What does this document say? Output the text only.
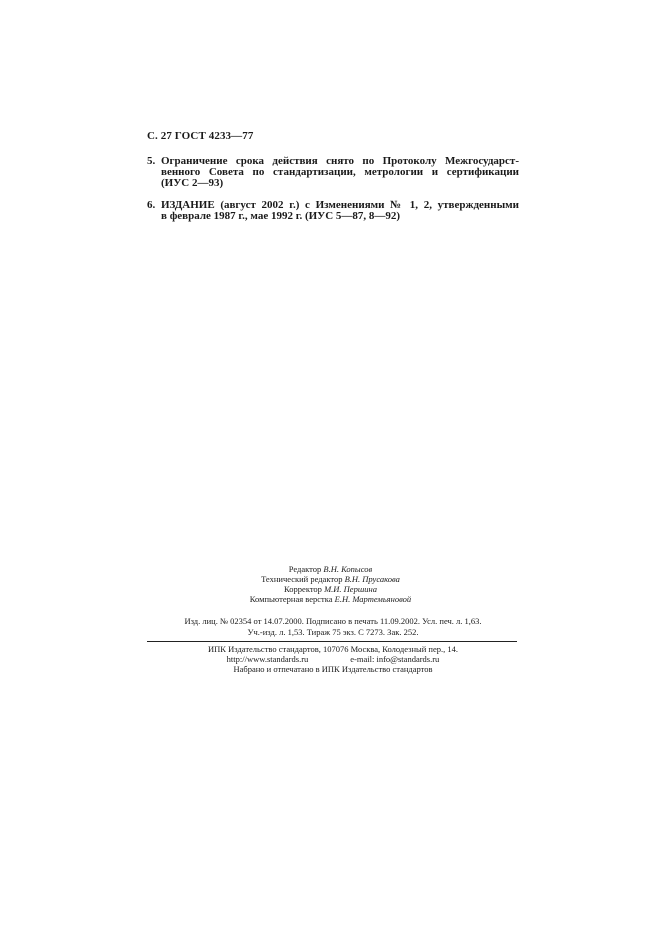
С. 27 ГОСТ 4233—77
5. Ограничение срока действия снято по Протоколу Межгосударст-
венного Совета по стандартизации, метрологии и сертификации
(ИУС 2—93)
6. ИЗДАНИЕ (август 2002 г.) с Изменениями № 1, 2, утвержденными
в феврале 1987 г., мае 1992 г. (ИУС 5—87, 8—92)
Редактор В.Н. Копысов
Технический редактор В.Н. Прусакова
Корректор М.И. Першина
Компьютерная верстка Е.Н. Мартемьяновой
Изд. лиц. № 02354 от 14.07.2000. Подписано в печать 11.09.2002. Усл. печ. л. 1,63.
Уч.-изд. л. 1,53. Тираж 75 экз. С 7273. Зак. 252.
ИПК Издательство стандартов, 107076 Москва, Колодезный пер., 14.
http://www.standards.ru	e-mail: info@standards.ru
Набрано и отпечатано в ИПК Издательство стандартов
